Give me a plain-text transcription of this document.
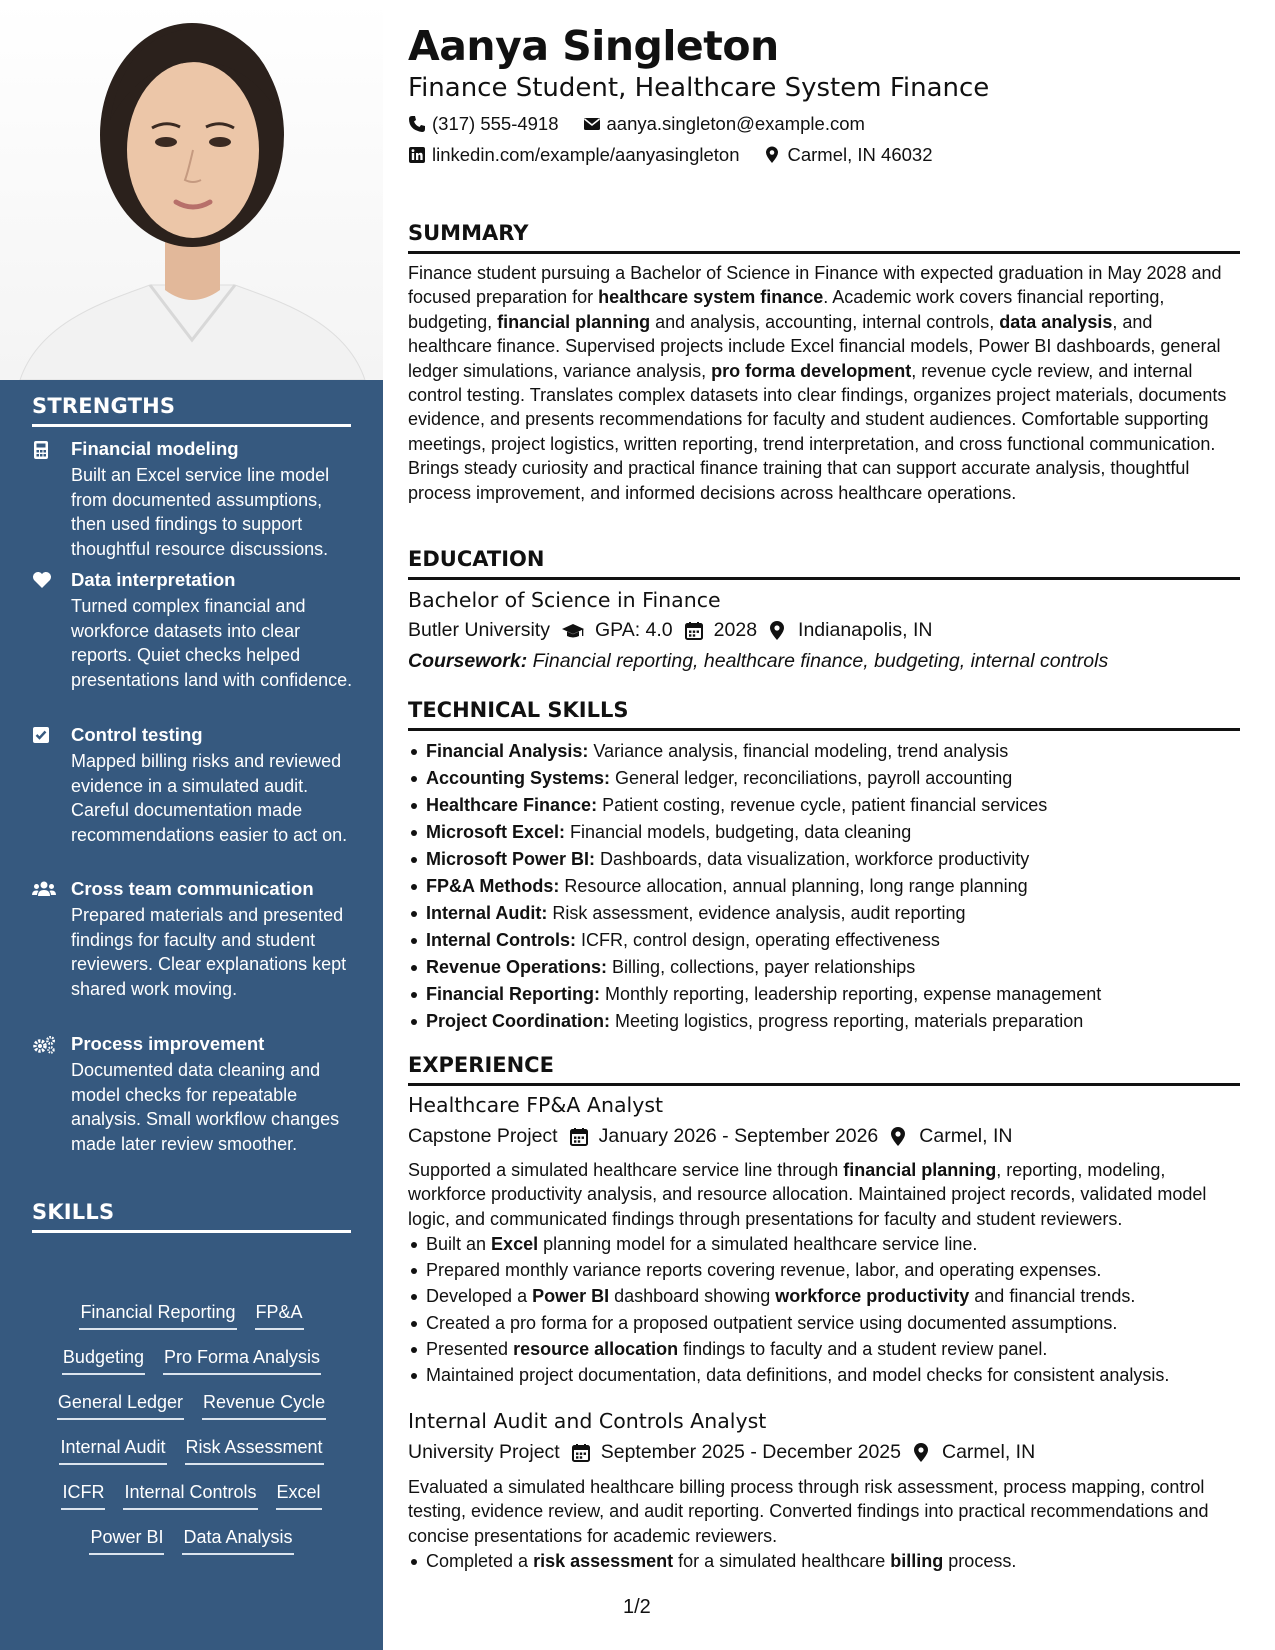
STRENGTHS
Financial modeling
Built an Excel service line model from documented assumptions, then used findings to support thoughtful resource discussions.
Data interpretation
Turned complex financial and workforce datasets into clear reports. Quiet checks helped presentations land with confidence.
Control testing
Mapped billing risks and reviewed evidence in a simulated audit. Careful documentation made recommendations easier to act on.
Cross team communication
Prepared materials and presented findings for faculty and student reviewers. Clear explanations kept shared work moving.
Process improvement
Documented data cleaning and model checks for repeatable analysis. Small workflow changes made later review smoother.
SKILLS
Financial Reporting FP&A
Budgeting Pro Forma Analysis
General Ledger Revenue Cycle
Internal Audit Risk Assessment
ICFR Internal Controls Excel
Power BI Data Analysis
Aanya Singleton
Finance Student, Healthcare System Finance
(317) 555-4918	aanya.singleton@example.com
linkedin.com/example/aanyasingleton	Carmel, IN 46032
SUMMARY
Finance student pursuing a Bachelor of Science in Finance with expected graduation in May 2028 and focused preparation for healthcare system finance. Academic work covers financial reporting, budgeting, financial planning and analysis, accounting, internal controls, data analysis, and healthcare finance. Supervised projects include Excel financial models, Power BI dashboards, general ledger simulations, variance analysis, pro forma development, revenue cycle review, and internal control testing. Translates complex datasets into clear findings, organizes project materials, documents evidence, and presents recommendations for faculty and student audiences. Comfortable supporting meetings, project logistics, written reporting, trend interpretation, and cross functional communication. Brings steady curiosity and practical finance training that can support accurate analysis, thoughtful process improvement, and informed decisions across healthcare operations.
EDUCATION
Bachelor of Science in Finance
Butler University GPA: 4.0 2028 Indianapolis, IN
Coursework: Financial reporting, healthcare finance, budgeting, internal controls
TECHNICAL SKILLS
Financial Analysis: Variance analysis, financial modeling, trend analysis
Accounting Systems: General ledger, reconciliations, payroll accounting
Healthcare Finance: Patient costing, revenue cycle, patient financial services
Microsoft Excel: Financial models, budgeting, data cleaning
Microsoft Power BI: Dashboards, data visualization, workforce productivity
FP&A Methods: Resource allocation, annual planning, long range planning
Internal Audit: Risk assessment, evidence analysis, audit reporting
Internal Controls: ICFR, control design, operating effectiveness
Revenue Operations: Billing, collections, payer relationships
Financial Reporting: Monthly reporting, leadership reporting, expense management
Project Coordination: Meeting logistics, progress reporting, materials preparation
EXPERIENCE
Healthcare FP&A Analyst
Capstone Project January 2026 - September 2026 Carmel, IN
Supported a simulated healthcare service line through financial planning, reporting, modeling, workforce productivity analysis, and resource allocation. Maintained project records, validated model logic, and communicated findings through presentations for faculty and student reviewers.
Built an Excel planning model for a simulated healthcare service line.
Prepared monthly variance reports covering revenue, labor, and operating expenses.
Developed a Power BI dashboard showing workforce productivity and financial trends.
Created a pro forma for a proposed outpatient service using documented assumptions.
Presented resource allocation findings to faculty and a student review panel.
Maintained project documentation, data definitions, and model checks for consistent analysis.
Internal Audit and Controls Analyst
University Project September 2025 - December 2025 Carmel, IN
Evaluated a simulated healthcare billing process through risk assessment, process mapping, control testing, evidence review, and audit reporting. Converted findings into practical recommendations and concise presentations for academic reviewers.
Completed a risk assessment for a simulated healthcare billing process.
1/2
